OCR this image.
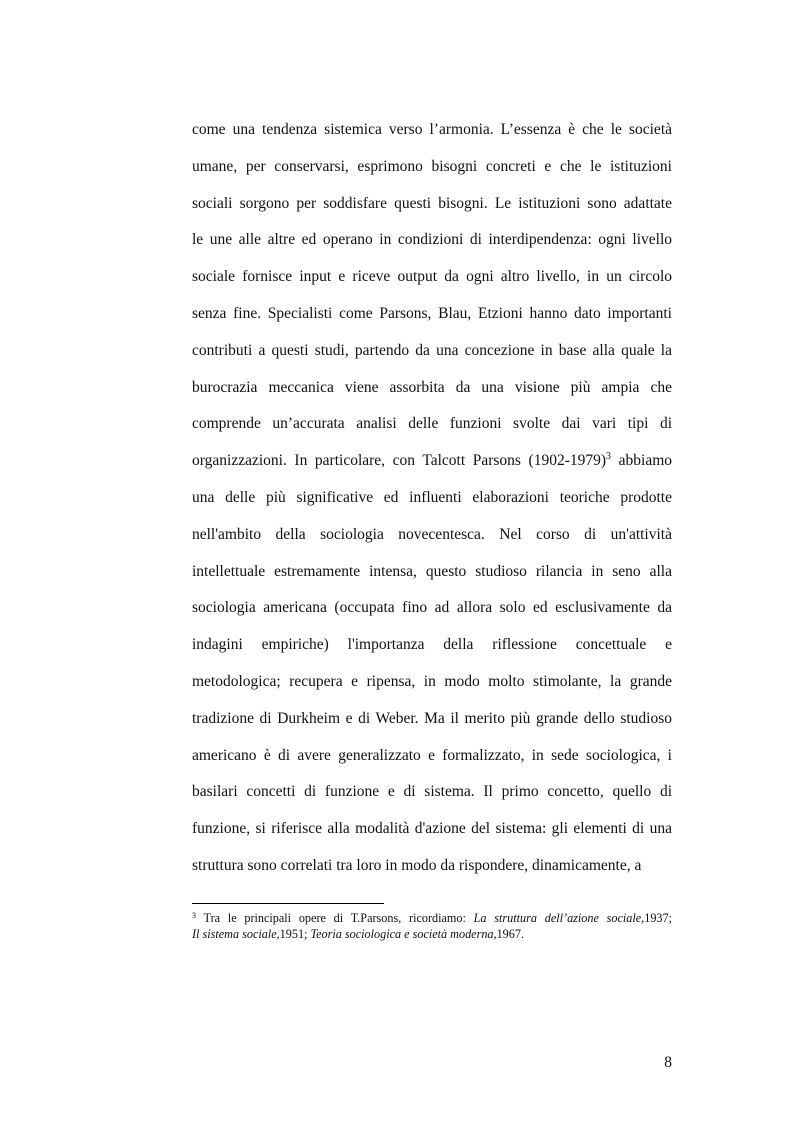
come una tendenza sistemica verso l’armonia. L’essenza è che le società
umane, per conservarsi, esprimono bisogni concreti e che le istituzioni
sociali sorgono per soddisfare questi bisogni. Le istituzioni sono adattate
le une alle altre ed operano in condizioni di interdipendenza: ogni livello
sociale fornisce input e riceve output da ogni altro livello, in un circolo
senza fine. Specialisti come Parsons, Blau, Etzioni hanno dato importanti
contributi a questi studi, partendo da una concezione in base alla quale la
burocrazia meccanica viene assorbita da una visione più ampia che
comprende un’accurata analisi delle funzioni svolte dai vari tipi di
organizzazioni. In particolare, con Talcott Parsons (1902-1979)$^3$ abbiamo
una delle più significative ed influenti elaborazioni teoriche prodotte
nell'ambito della sociologia novecentesca. Nel corso di un'attività
intellettuale estremamente intensa, questo studioso rilancia in seno alla
sociologia americana (occupata fino ad allora solo ed esclusivamente da
indagini empiriche) l'importanza della riflessione concettuale e
metodologica; recupera e ripensa, in modo molto stimolante, la grande
tradizione di Durkheim e di Weber. Ma il merito più grande dello studioso
americano è di avere generalizzato e formalizzato, in sede sociologica, i
basilari concetti di funzione e di sistema. Il primo concetto, quello di
funzione, si riferisce alla modalità d'azione del sistema: gli elementi di una
struttura sono correlati tra loro in modo da rispondere, dinamicamente, a
$^3$ Tra le principali opere di T.Parsons, ricordiamo: La struttura dell’azione sociale,1937;
Il sistema sociale,1951; Teoria sociologica e società moderna,1967.
8
